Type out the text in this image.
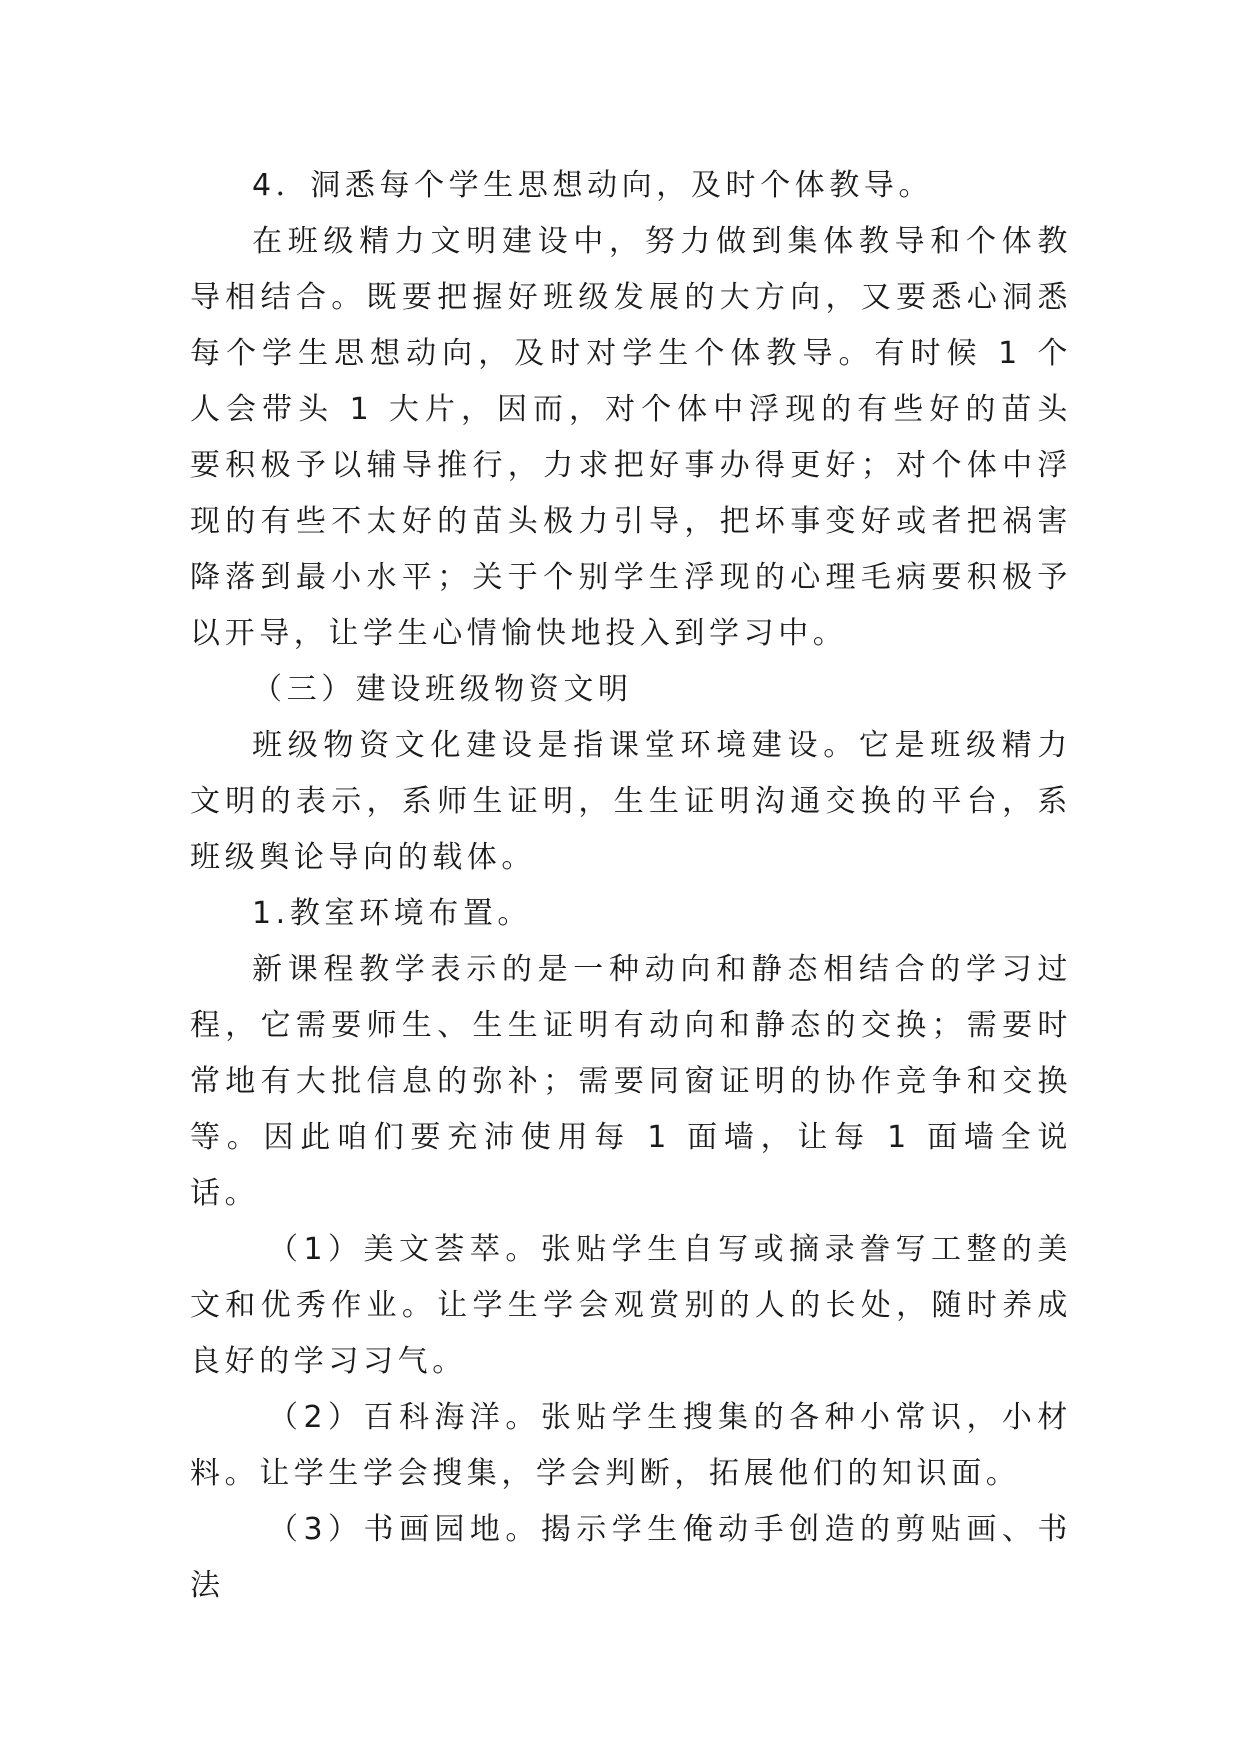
4．洞悉每个学生思想动向，及时个体教导。

在班级精力文明建设中，努力做到集体教导和个体教导相结合。既要把握好班级发展的大方向，又要悉心洞悉每个学生思想动向，及时对学生个体教导。有时候 1 个人会带头 1 大片，因而，对个体中浮现的有些好的苗头要积极予以辅导推行，力求把好事办得更好；对个体中浮现的有些不太好的苗头极力引导，把坏事变好或者把祸害降落到最小水平；关于个别学生浮现的心理毛病要积极予以开导，让学生心情愉快地投入到学习中。

（三）建设班级物资文明

班级物资文化建设是指课堂环境建设。它是班级精力文明的表示，系师生证明，生生证明沟通交换的平台，系班级舆论导向的载体。

1.教室环境布置。

新课程教学表示的是一种动向和静态相结合的学习过程，它需要师生、生生证明有动向和静态的交换；需要时常地有大批信息的弥补；需要同窗证明的协作竞争和交换等。因此咱们要充沛使用每 1 面墙，让每 1 面墙全说话。

（1）美文荟萃。张贴学生自写或摘录誊写工整的美文和优秀作业。让学生学会观赏别的人的长处，随时养成良好的学习习气。

（2）百科海洋。张贴学生搜集的各种小常识，小材料。让学生学会搜集，学会判断，拓展他们的知识面。

（3）书画园地。揭示学生俺动手创造的剪贴画、书法
